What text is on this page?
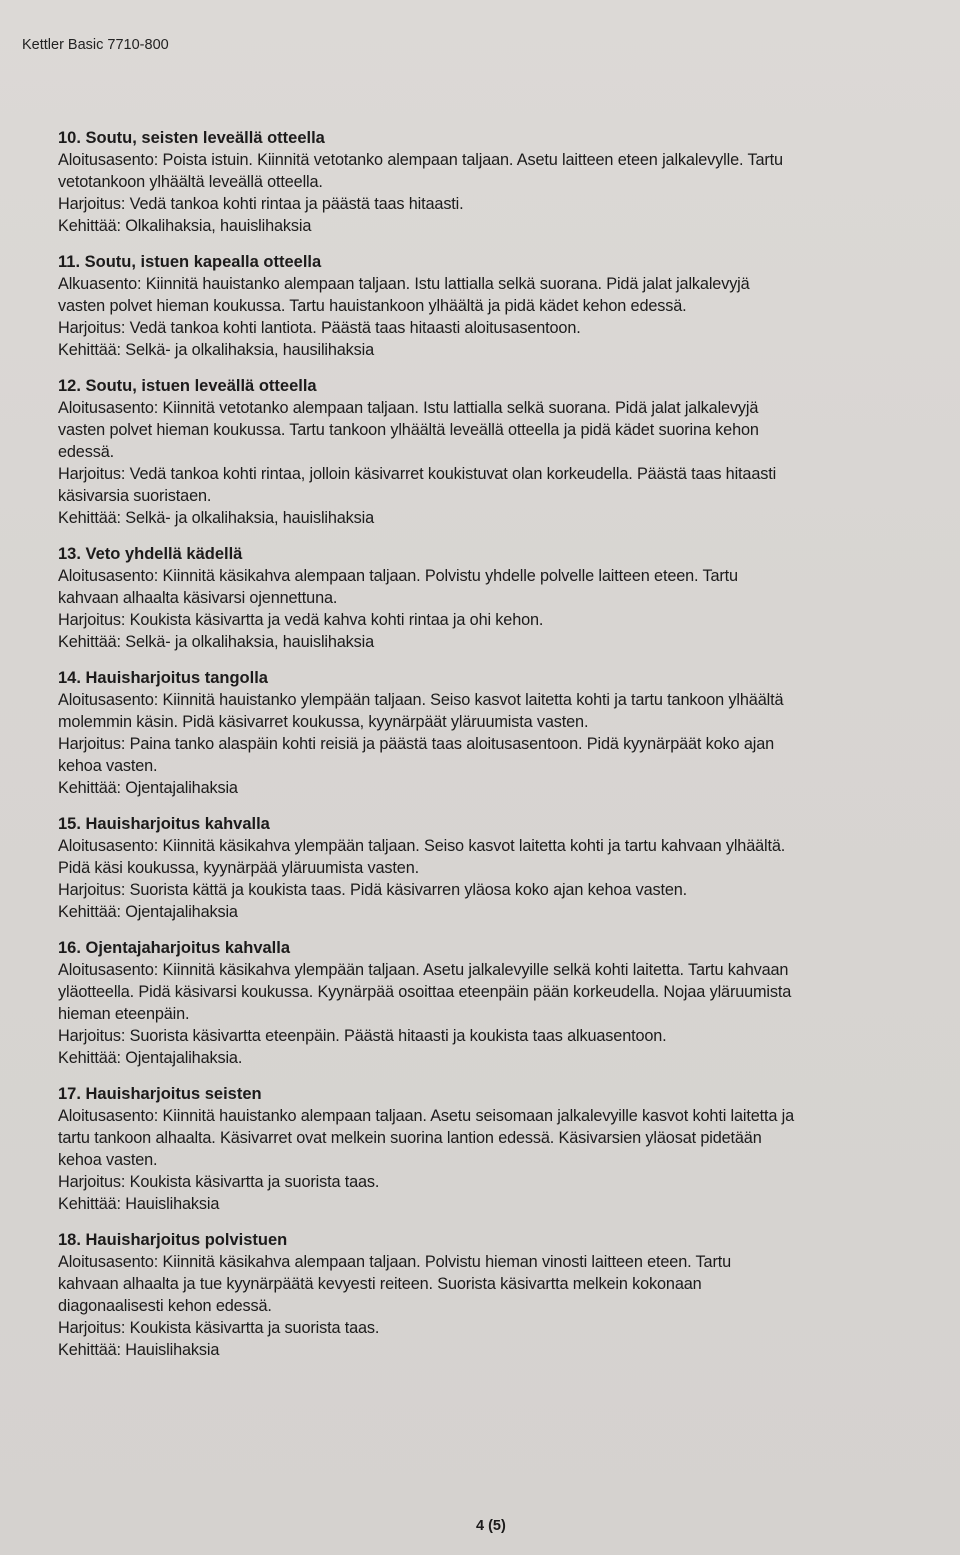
Kettler Basic 7710-800
10. Soutu, seisten leveällä otteella
Aloitusasento: Poista istuin. Kiinnitä vetotanko alempaan taljaan. Asetu laitteen eteen jalkalevylle. Tartu
vetotankoon ylhäältä leveällä otteella.
Harjoitus: Vedä tankoa kohti rintaa ja päästä taas hitaasti.
Kehittää: Olkalihaksia, hauislihaksia
11. Soutu, istuen kapealla otteella
Alkuasento: Kiinnitä hauistanko alempaan taljaan. Istu lattialla selkä suorana. Pidä jalat jalkalevyjä
vasten polvet hieman koukussa. Tartu hauistankoon ylhäältä ja pidä kädet kehon edessä.
Harjoitus: Vedä tankoa kohti lantiota. Päästä taas hitaasti aloitusasentoon.
Kehittää: Selkä- ja olkalihaksia, hausilihaksia
12. Soutu, istuen leveällä otteella
Aloitusasento: Kiinnitä vetotanko alempaan taljaan. Istu lattialla selkä suorana. Pidä jalat jalkalevyjä
vasten polvet hieman koukussa. Tartu tankoon ylhäältä leveällä otteella ja pidä kädet suorina kehon
edessä.
Harjoitus: Vedä tankoa kohti rintaa, jolloin käsivarret koukistuvat olan korkeudella. Päästä taas hitaasti
käsivarsia suoristaen.
Kehittää: Selkä- ja olkalihaksia, hauislihaksia
13. Veto yhdellä kädellä
Aloitusasento: Kiinnitä käsikahva alempaan taljaan. Polvistu yhdelle polvelle laitteen eteen. Tartu
kahvaan alhaalta käsivarsi ojennettuna.
Harjoitus: Koukista käsivartta ja vedä kahva kohti rintaa ja ohi kehon.
Kehittää: Selkä- ja olkalihaksia, hauislihaksia
14. Hauisharjoitus tangolla
Aloitusasento: Kiinnitä hauistanko ylempään taljaan. Seiso kasvot laitetta kohti ja tartu tankoon ylhäältä
molemmin käsin. Pidä käsivarret koukussa, kyynärpäät yläruumista vasten.
Harjoitus: Paina tanko alaspäin kohti reisiä ja päästä taas aloitusasentoon. Pidä kyynärpäät koko ajan
kehoa vasten.
Kehittää: Ojentajalihaksia
15. Hauisharjoitus kahvalla
Aloitusasento: Kiinnitä käsikahva ylempään taljaan. Seiso kasvot laitetta kohti ja tartu kahvaan ylhäältä.
Pidä käsi koukussa, kyynärpää yläruumista vasten.
Harjoitus: Suorista kättä ja koukista taas. Pidä käsivarren yläosa koko ajan kehoa vasten.
Kehittää: Ojentajalihaksia
16. Ojentajaharjoitus kahvalla
Aloitusasento: Kiinnitä käsikahva ylempään taljaan. Asetu jalkalevyille selkä kohti laitetta. Tartu kahvaan
yläotteella. Pidä käsivarsi koukussa. Kyynärpää osoittaa eteenpäin pään korkeudella. Nojaa yläruumista
hieman eteenpäin.
Harjoitus: Suorista käsivartta eteenpäin. Päästä hitaasti ja koukista taas alkuasentoon.
Kehittää: Ojentajalihaksia.
17. Hauisharjoitus seisten
Aloitusasento: Kiinnitä hauistanko alempaan taljaan. Asetu seisomaan jalkalevyille kasvot kohti laitetta ja
tartu tankoon alhaalta. Käsivarret ovat melkein suorina lantion edessä. Käsivarsien yläosat pidetään
kehoa vasten.
Harjoitus: Koukista käsivartta ja suorista taas.
Kehittää: Hauislihaksia
18. Hauisharjoitus polvistuen
Aloitusasento: Kiinnitä käsikahva alempaan taljaan. Polvistu hieman vinosti laitteen eteen. Tartu
kahvaan alhaalta ja tue kyynärpäätä kevyesti reiteen. Suorista käsivartta melkein kokonaan
diagonaalisesti kehon edessä.
Harjoitus: Koukista käsivartta ja suorista taas.
Kehittää: Hauislihaksia
4 (5)
